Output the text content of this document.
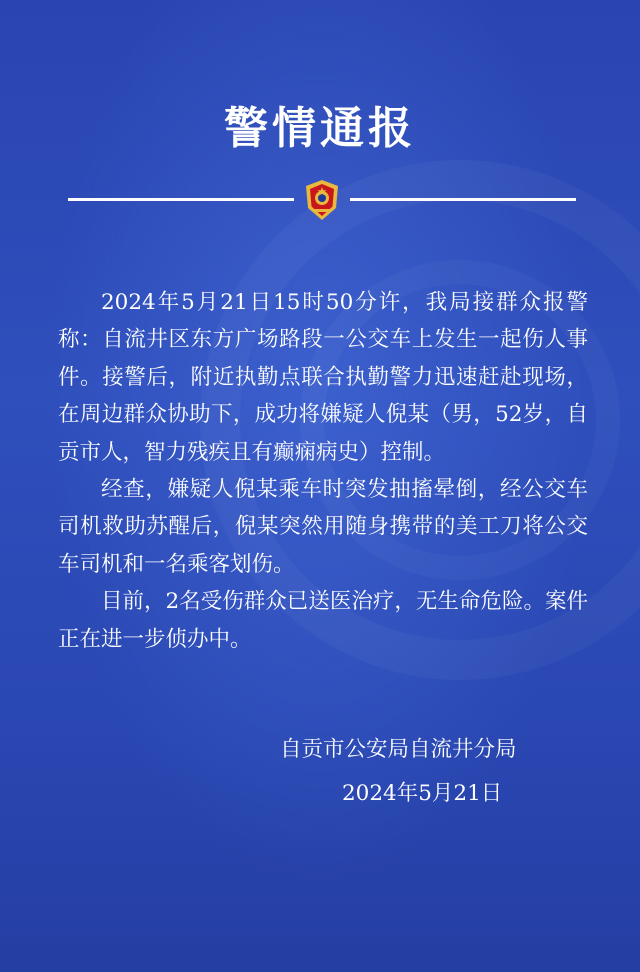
警情通报

2024年5月21日15时50分许，我局接群众报警称：自流井区东方广场路段一公交车上发生一起伤人事件。接警后，附近执勤点联合执勤警力迅速赶赴现场，在周边群众协助下，成功将嫌疑人倪某（男，52岁，自贡市人，智力残疾且有癫痫病史）控制。

经查，嫌疑人倪某乘车时突发抽搐晕倒，经公交车司机救助苏醒后，倪某突然用随身携带的美工刀将公交车司机和一名乘客划伤。

目前，2名受伤群众已送医治疗，无生命危险。案件正在进一步侦办中。

自贡市公安局自流井分局
2024年5月21日
